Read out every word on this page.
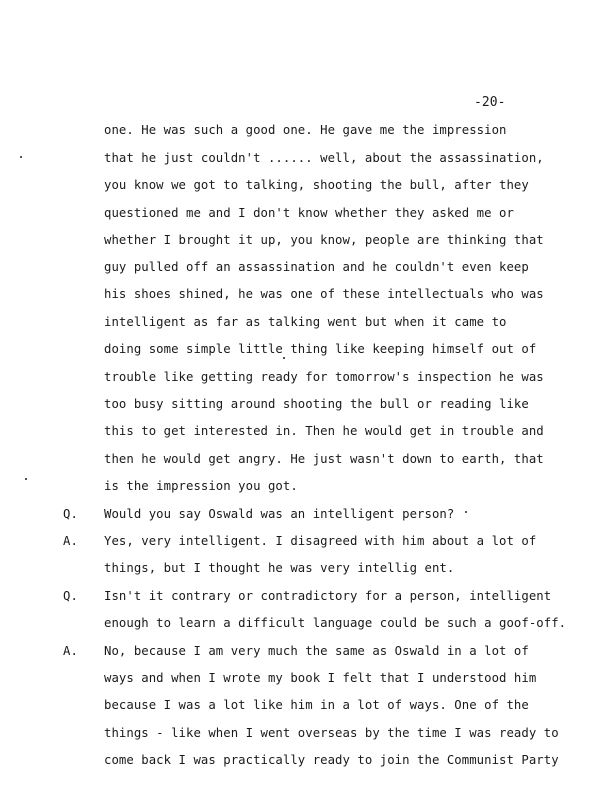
-20-
one. He was such a good one. He gave me the impression
that he just couldn't ...... well, about the assassination,
you know we got to talking, shooting the bull, after they
questioned me and I don't know whether they asked me or
whether I brought it up, you know, people are thinking that
guy pulled off an assassination and he couldn't even keep
his shoes shined, he was one of these intellectuals who was
intelligent as far as talking went but when it came to
doing some simple little thing like keeping himself out of
trouble like getting ready for tomorrow's inspection he was
too busy sitting around shooting the bull or reading like
this to get interested in. Then he would get in trouble and
then he would get angry. He just wasn't down to earth, that
is the impression you got.
Q. Would you say Oswald was an intelligent person?
A. Yes, very intelligent. I disagreed with him about a lot of
things, but I thought he was very intellig ent.
Q. Isn't it contrary or contradictory for a person, intelligent
enough to learn a difficult language could be such a goof-off.
A. No, because I am very much the same as Oswald in a lot of
ways and when I wrote my book I felt that I understood him
because I was a lot like him in a lot of ways. One of the
things - like when I went overseas by the time I was ready to
come back I was practically ready to join the Communist Party
